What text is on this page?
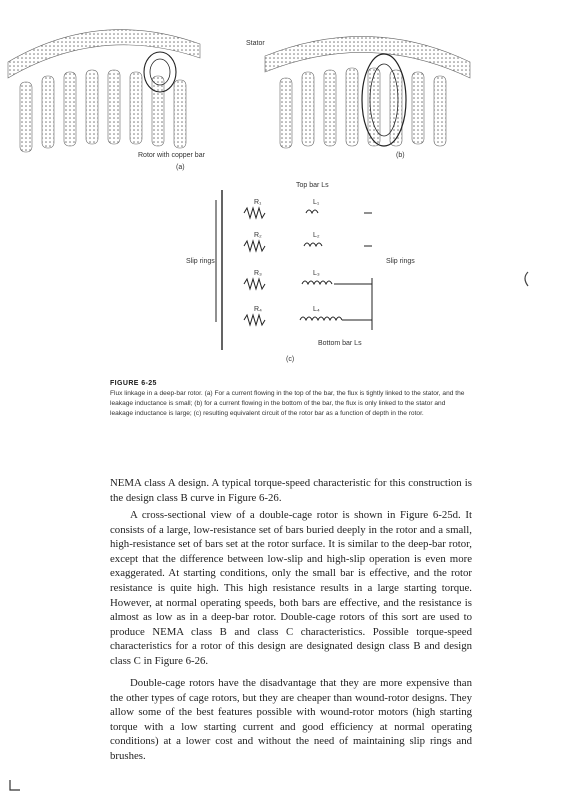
Stator
Rotor with copper bar
(a)
(b)
Top bar Ls
Slip rings	Slip rings
Bottom bar Ls
(c)
R₁
R₂
R₃
R₄
L₁
L₂
L₃
L₄
FIGURE 6-25
Flux linkage in a deep-bar rotor. (a) For a current flowing in the top of the bar, the flux is tightly linked to the stator, and the leakage inductance is small; (b) for a current flowing in the bottom of the bar, the flux is only linked to the stator and leakage inductance is large; (c) resulting equivalent circuit of the rotor bar as a function of depth in the rotor.
NEMA class A design. A typical torque-speed characteristic for this construction is the design class B curve in Figure 6-26.
A cross-sectional view of a double-cage rotor is shown in Figure 6-25d. It consists of a large, low-resistance set of bars buried deeply in the rotor and a small, high-resistance set of bars set at the rotor surface. It is similar to the deep-bar rotor, except that the difference between low-slip and high-slip operation is even more exaggerated. At starting conditions, only the small bar is effective, and the rotor resistance is quite high. This high resistance results in a large starting torque. However, at normal operating speeds, both bars are effective, and the resistance is almost as low as in a deep-bar rotor. Double-cage rotors of this sort are used to produce NEMA class B and class C characteristics. Possible torque-speed characteristics for a rotor of this design are designated design class B and design class C in Figure 6-26.
Double-cage rotors have the disadvantage that they are more expensive than the other types of cage rotors, but they are cheaper than wound-rotor designs. They allow some of the best features possible with wound-rotor motors (high starting torque with a low starting current and good efficiency at normal operating conditions) at a lower cost and without the need of maintaining slip rings and brushes.
